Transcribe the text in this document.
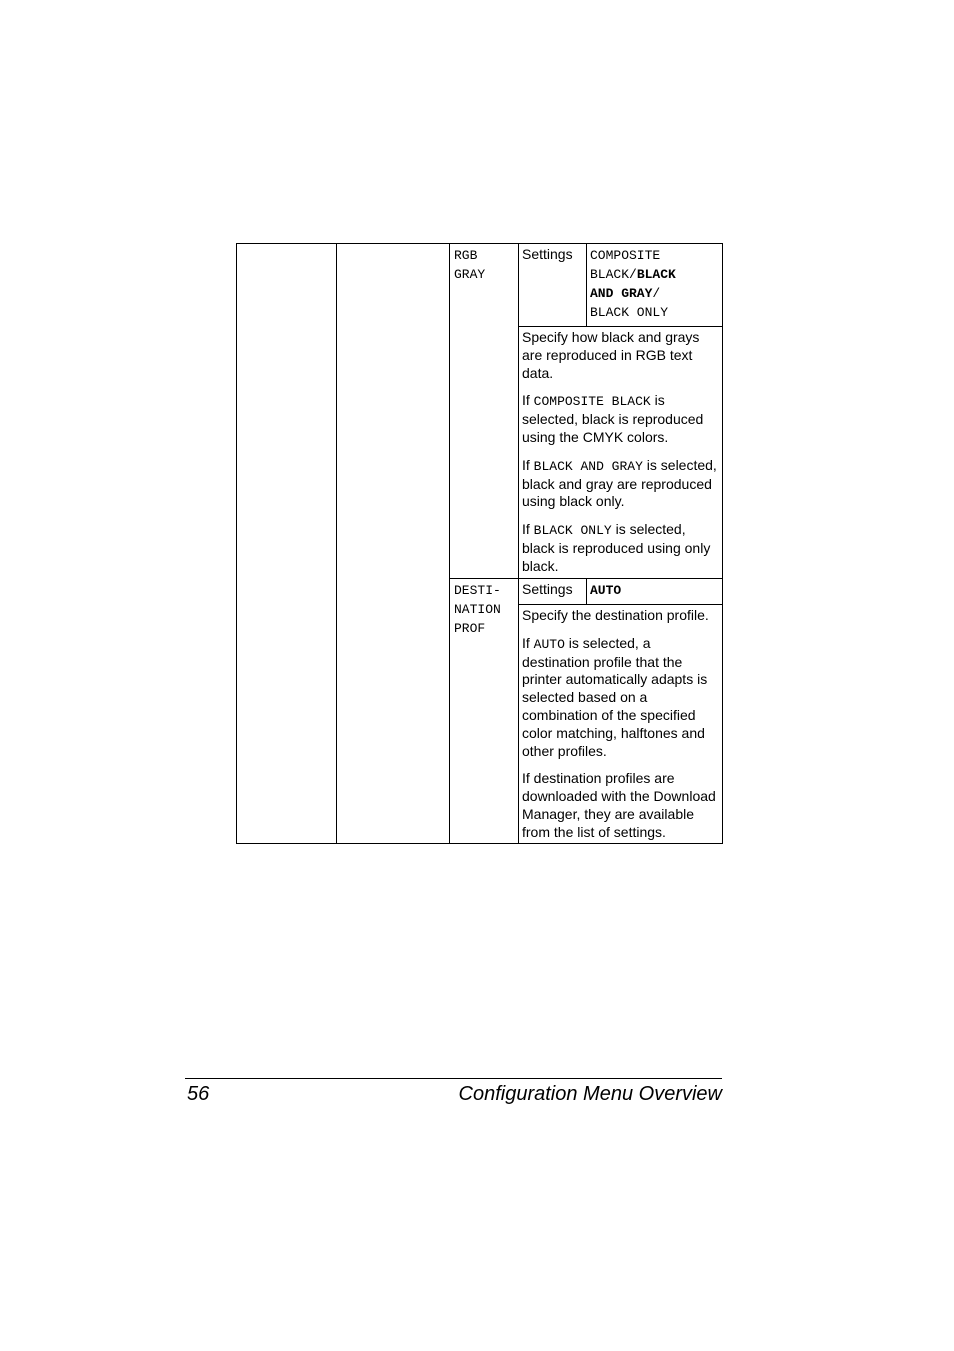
RGB
GRAY
Settings COMPOSITE
BLACK/BLACK
AND GRAY/
BLACK ONLY

Specify how black and grays are reproduced in RGB text data.

If COMPOSITE BLACK is selected, black is reproduced using the CMYK colors.

If BLACK AND GRAY is selected, black and gray are reproduced using black only.

If BLACK ONLY is selected, black is reproduced using only black.

DESTI-
NATION
PROF
Settings AUTO

Specify the destination profile.

If AUTO is selected, a destination profile that the printer automatically adapts is selected based on a combination of the specified color matching, halftones and other profiles.

If destination profiles are downloaded with the Download Manager, they are available from the list of settings.

56	Configuration Menu Overview
